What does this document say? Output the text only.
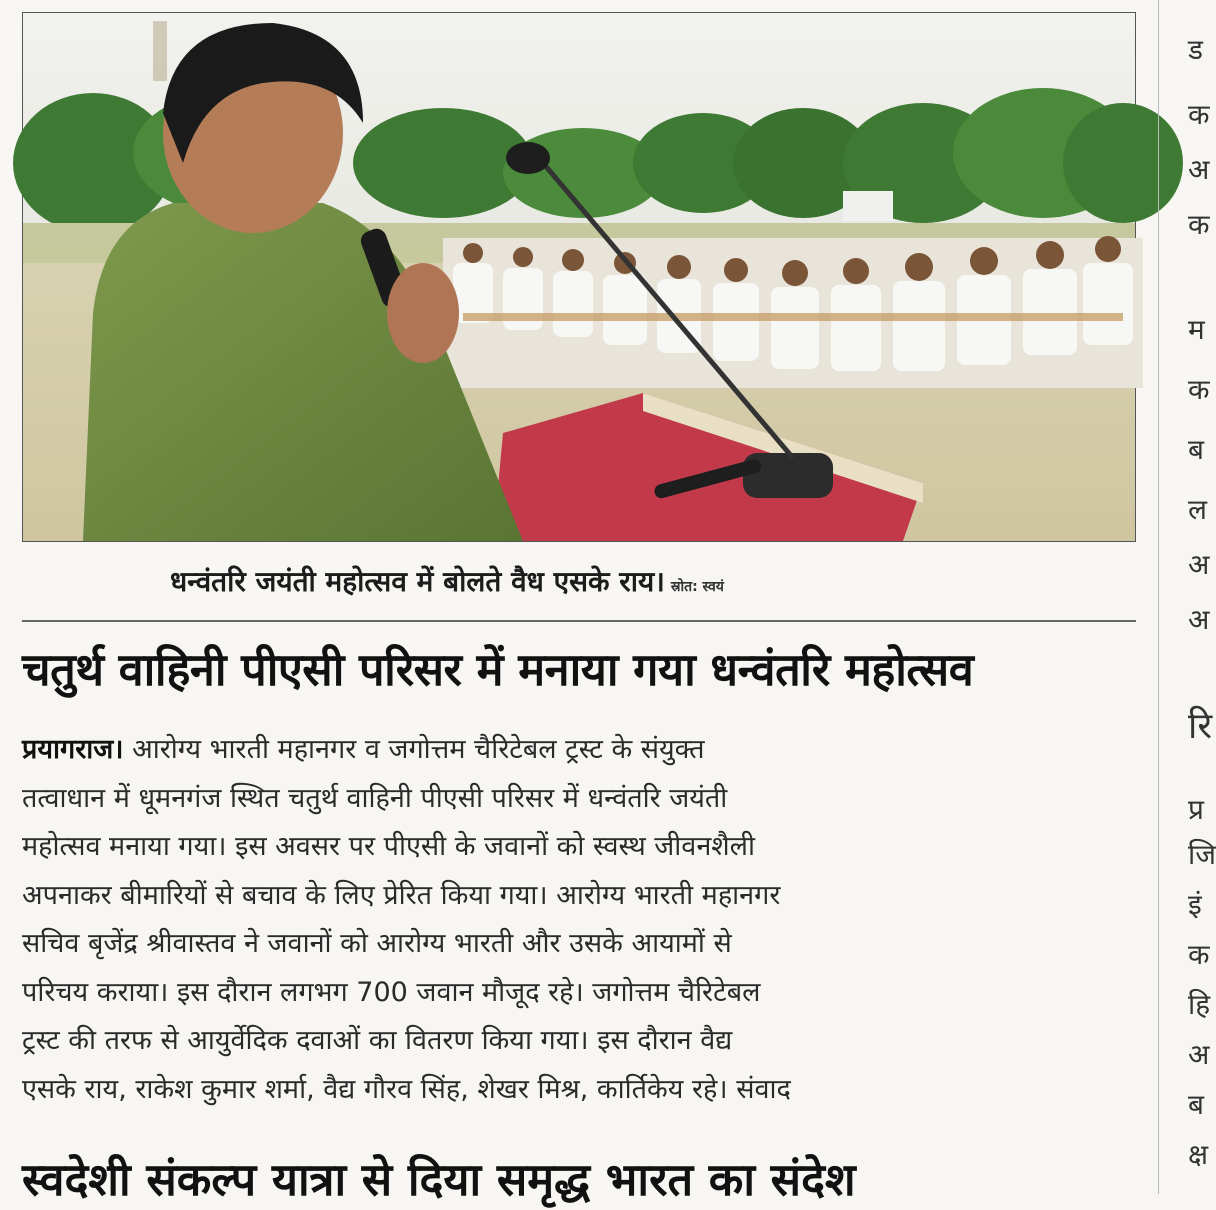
धन्वंतरि जयंती महोत्सव में बोलते वैध एसके राय। स्रोत: स्वयं
चतुर्थ वाहिनी पीएसी परिसर में मनाया गया धन्वंतरि महोत्सव
प्रयागराज। आरोग्य भारती महानगर व जगोत्तम चैरिटेबल ट्रस्ट के संयुक्त
तत्वाधान में धूमनगंज स्थित चतुर्थ वाहिनी पीएसी परिसर में धन्वंतरि जयंती
महोत्सव मनाया गया। इस अवसर पर पीएसी के जवानों को स्वस्थ जीवनशैली
अपनाकर बीमारियों से बचाव के लिए प्रेरित किया गया। आरोग्य भारती महानगर
सचिव बृजेंद्र श्रीवास्तव ने जवानों को आरोग्य भारती और उसके आयामों से
परिचय कराया। इस दौरान लगभग 700 जवान मौजूद रहे। जगोत्तम चैरिटेबल
ट्रस्ट की तरफ से आयुर्वेदिक दवाओं का वितरण किया गया। इस दौरान वैद्य
एसके राय, राकेश कुमार शर्मा, वैद्य गौरव सिंह, शेखर मिश्र, कार्तिकेय रहे। संवाद
स्वदेशी संकल्प यात्रा से दिया समृद्ध भारत का संदेश
ड
क
अ
क
म
क
ब
ल
अ
अ
रि
प्र
जि
इं
क
हि
अ
ब
क्ष
